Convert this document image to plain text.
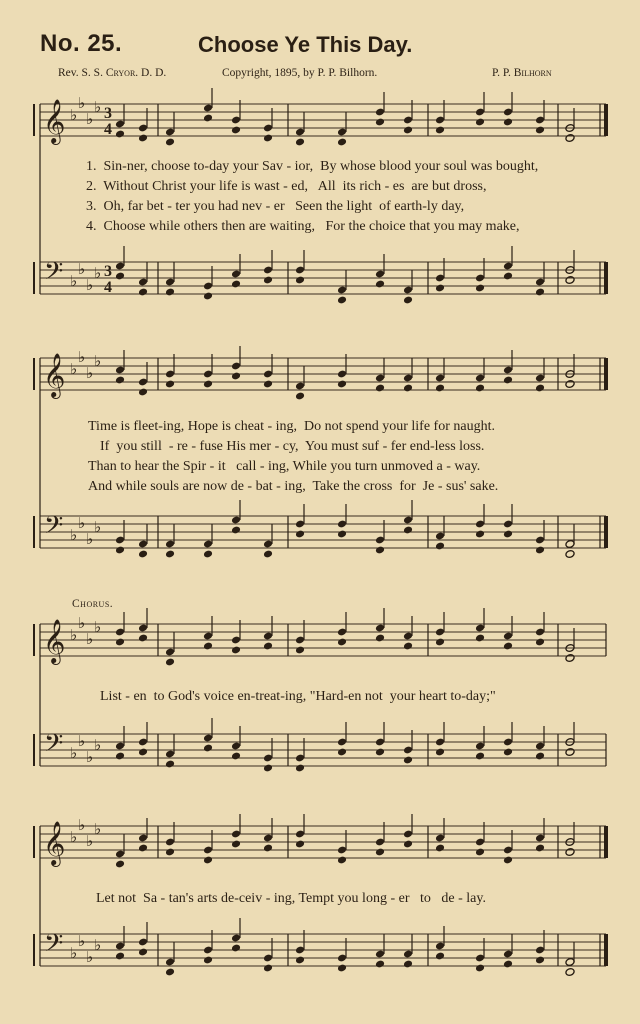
No. 25.	Choose Ye This Day.
Rev. S. S. Cryor. D. D.	Copyright, 1895, by P. P. Bilhorn.	P. P. Bilhorn
𝄞 ♭
♭
♭
♭
𝄢 ♭
♭
♭
♭
3
4
3
4
𝄞 ♭
♭
♭
♭
𝄢 ♭
♭
♭
♭
𝄞 ♭
♭
♭
♭
𝄢 ♭
♭
♭
♭
𝄞 ♭
♭
♭
♭
𝄢 ♭
♭
♭
♭
1.  Sin-ner, choose to-day your Sav - ior,  By whose blood your soul was bought,
2.  Without Christ your life is wast - ed,   All  its rich - es  are but dross,
3.  Oh, far bet - ter you had nev - er   Seen the light  of earth-ly day,
4.  Choose while others then are waiting,   For the choice that you may make,
Time is fleet-ing, Hope is cheat - ing,  Do not spend your life for naught.
If  you still  - re - fuse His mer - cy,  You must suf - fer end-less loss.
Than to hear the Spir - it   call - ing, While you turn unmoved a - way.
And while souls are now de - bat - ing,  Take the cross  for  Je - sus' sake.
Chorus.
List - en  to God's voice en-treat-ing, "Hard-en not  your heart to-day;"
Let not  Sa - tan's arts de-ceiv - ing, Tempt you long - er   to   de - lay.
